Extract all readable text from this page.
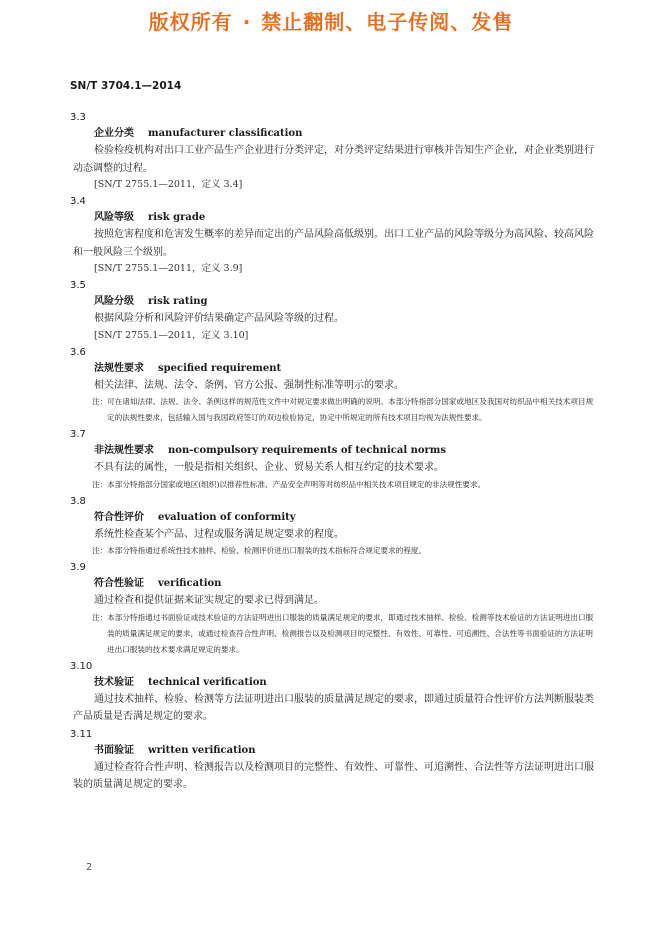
版权所有 · 禁止翻制、电子传阅、发售
SN/T 3704.1—2014
3.3
企业分类 manufacturer classification
检验检疫机构对出口工业产品生产企业进行分类评定，对分类评定结果进行审核并告知生产企业，对企业类别进行动态调整的过程。
[SN/T 2755.1—2011，定义 3.4]
3.4
风险等级 risk grade
按照危害程度和危害发生概率的差异而定出的产品风险高低级别。出口工业产品的风险等级分为高风险、较高风险和一般风险三个级别。
[SN/T 2755.1—2011，定义 3.9]
3.5
风险分级 risk rating
根据风险分析和风险评价结果确定产品风险等级的过程。
[SN/T 2755.1—2011，定义 3.10]
3.6
法规性要求 specified requirement
相关法律、法规、法令、条例、官方公报、强制性标准等明示的要求。
注：可在诸如法律、法规、法令、条例这样的规范性文件中对规定要求做出明确的说明。本部分特指部分国家或地区及我国对纺织品中相关技术项目规定的法规性要求，包括输入国与我国政府签订的双边检验协定，协定中所规定的所有技术项目均视为法规性要求。
3.7
非法规性要求 non-compulsory requirements of technical norms
不具有法的属性，一般是指相关组织、企业、贸易关系人相互约定的技术要求。
注：本部分特指部分国家或地区(组织)以推荐性标准、产品安全声明等对纺织品中相关技术项目规定的非法规性要求。
3.8
符合性评价 evaluation of conformity
系统性检查某个产品、过程或服务满足规定要求的程度。
注：本部分特指通过系统性技术抽样、检验、检测评价进出口服装的技术指标符合规定要求的程度。
3.9
符合性验证 verification
通过检查和提供证据来证实规定的要求已得到满足。
注：本部分特指通过书面验证或技术验证的方法证明进出口服装的质量满足规定的要求，即通过技术抽样、检验、检测等技术验证的方法证明进出口服装的质量满足规定的要求，或通过检查符合性声明、检测报告以及检测项目的完整性、有效性、可靠性、可追溯性、合法性等书面验证的方法证明进出口服装的技术要求满足规定的要求。
3.10
技术验证 technical verification
通过技术抽样、检验、检测等方法证明进出口服装的质量满足规定的要求，即通过质量符合性评价方法判断服装类产品质量是否满足规定的要求。
3.11
书面验证 written verification
通过检查符合性声明、检测报告以及检测项目的完整性、有效性、可靠性、可追溯性、合法性等方法证明进出口服装的质量满足规定的要求。
2
